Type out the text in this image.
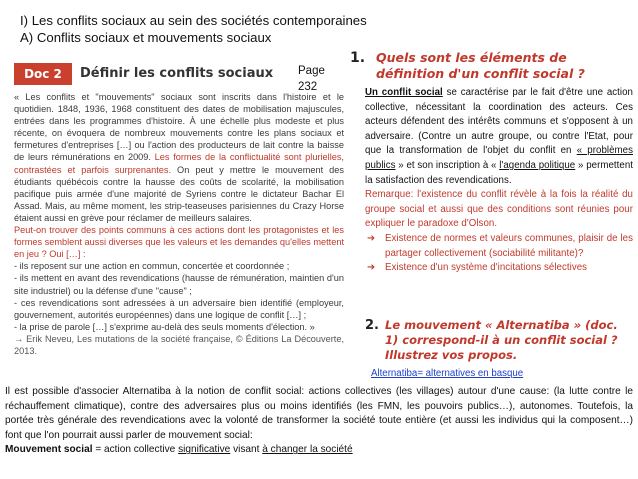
I) Les conflits sociaux au sein des sociétés contemporaines
A) Conflits sociaux et mouvements sociaux
Doc 2	Définir les conflits sociaux Page 232

« Les conflits et "mouvements" sociaux sont inscrits dans l'histoire et le quotidien. 1848, 1936, 1968 constituent des dates de mobilisation majuscules, entrées dans les programmes d'histoire. À une échelle plus modeste et plus récente, on évoquera de nombreux mouvements contre les plans sociaux et fermetures d'entreprises […] ou l'action des producteurs de lait contre la baisse de leurs rémunérations en 2009. Les formes de la conflictualité sont plurielles, contrastées et parfois surprenantes. On peut y mettre le mouvement des étudiants québécois contre la hausse des coûts de scolarité, la mobilisation pacifique puis armée d'une majorité de Syriens contre le dictateur Bachar El Assad. Mais, au même moment, les strip-teaseuses parisiennes du Crazy Horse étaient aussi en grève pour réclamer de meilleurs salaires.

Peut-on trouver des points communs à ces actions dont les protagonistes et les formes semblent aussi diverses que les valeurs et les demandes qu'elles mettent en jeu ? Oui […] :

- ils reposent sur une action en commun, concertée et coordonnée ;

- ils mettent en avant des revendications (hausse de rémunération, maintien d'un site industriel) ou la défense d'une "cause" ;

- ces revendications sont adressées à un adversaire bien identifié (employeur, gouvernement, autorités européennes) dans une logique de conflit […] ;

- la prise de parole […] s'exprime au-delà des seuls moments d'élection. »

→ Erik Neveu, Les mutations de la société française, © Éditions La Découverte, 2013.

1. Quels sont les éléments de définition d'un conflit social ?

Un conflit social se caractérise par le fait d'être une action collective, nécessitant la coordination des acteurs. Ces acteurs défendent des intérêts communs et s'opposent à un adversaire. (Contre un autre groupe, ou contre l'Etat, pour que la transformation de l'objet du conflit en « problèmes publics » et son inscription à « l'agenda politique » permettent la satisfaction des revendications.

Remarque: l'existence du conflit révèle à la fois la réalité du groupe social et aussi que des conditions sont réunies pour expliquer le paradoxe d'Olson.

➔ Existence de normes et valeurs communes, plaisir de les partager collectivement (sociabilité militante)?
➔ Existence d'un système d'incitations sélectives
2. Le mouvement « Alternatiba » (doc. 1) correspond-il à un conflit social ? Illustrez vos propos.
Alternatiba= alternatives en basque

Il est possible d'associer Alternatiba à la notion de conflit social: actions collectives (les villages) autour d'une cause: (la lutte contre le réchauffement climatique), contre des adversaires plus ou moins identifiés (les FMN, les pouvoirs publics…), autonomes. Toutefois, la portée très générale des revendications avec la volonté de transformer la société toute entière (et aussi les individus qui la composent…) font que l'on pourrait aussi parler de mouvement social:

Mouvement social = action collective significative visant à changer la société
